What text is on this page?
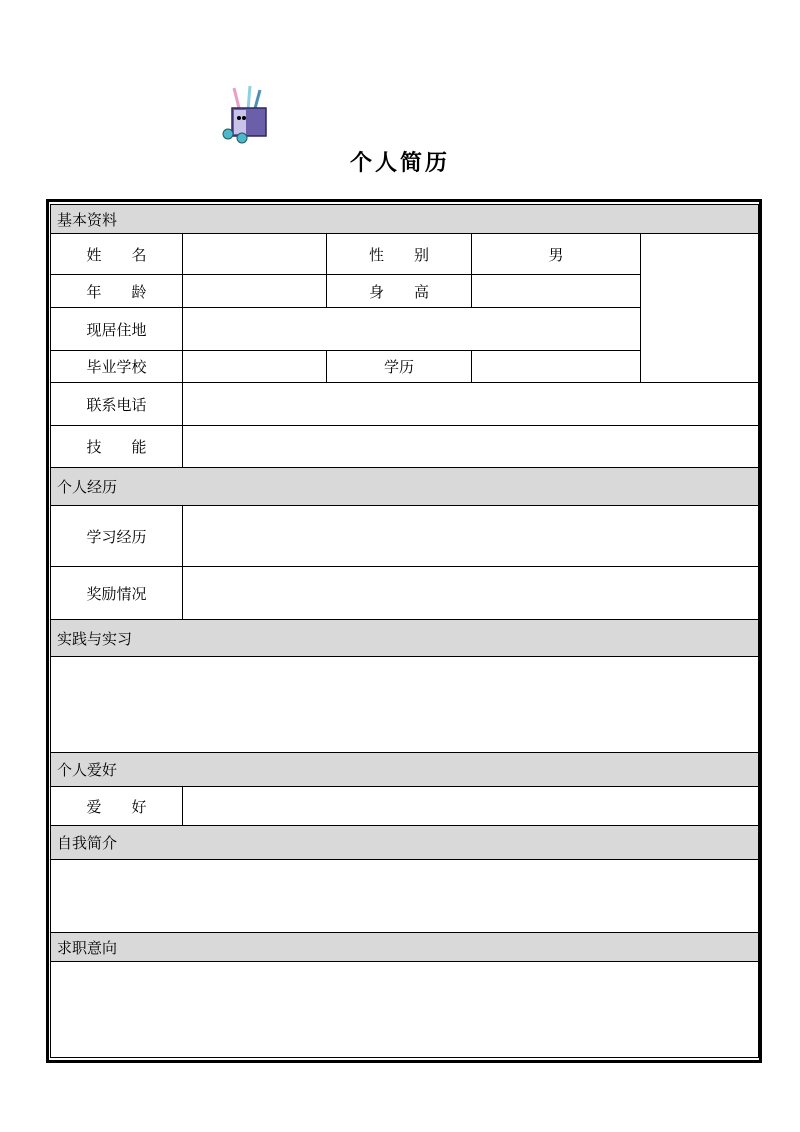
个人简历
基本资料				
姓　　名		性　　别	男	
年　　龄		身　　高		
现居住地				
毕业学校		学历		
联系电话				
技　　能				
个人经历				
学习经历				
奖励情况				
实践与实习				

个人爱好				
爱　　好				
自我简介				

求职意向				
